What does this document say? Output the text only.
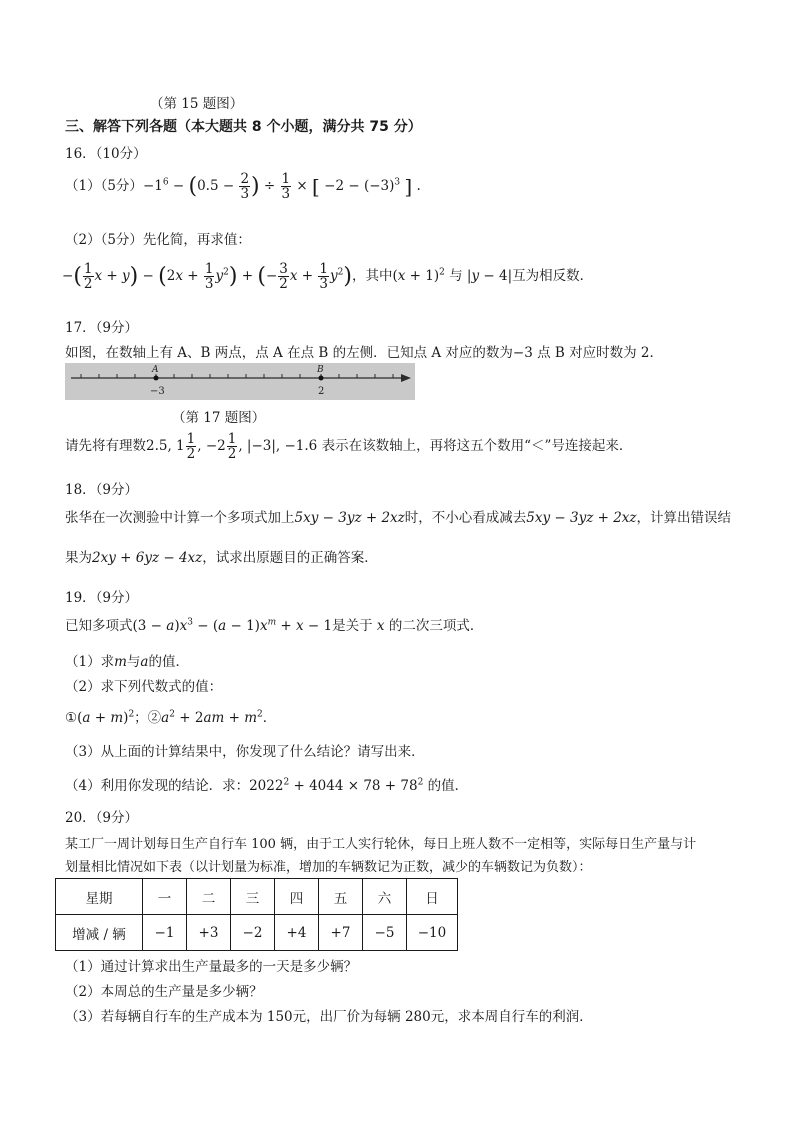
（第 15 题图）
三、解答下列各题（本大题共 8 个小题，满分共 75 分）
16．（10分）
（1）（5分）$-1^6 - (0.5 - \frac{2}{3}$ ) ÷ $\frac{1}{3}$ × [ $-2 - (-3)^3$ ] .
（2）（5分）先化简，再求值：
−( $\frac{1}{2}$ $x + y) - (2x + \frac{1}{3} y^2)$ + (− $\frac{3}{2}$ $x + \frac{1}{3} y^2$)，其中$(x + 1)^2$ 与 |y − 4|互为相反数．
17．（9分）
如图，在数轴上有 A、B 两点，点 A 在点 B 的左侧．已知点 A 对应的数为−3 点 B 对应时数为 2．
A	B
−3	2
（第 17 题图）
请先将有理数2.5, $1 \frac{1}{2}$ , $-2 \frac{1}{2}$ , |−3|, −1.6 表示在该数轴上，再将这五个数用“＜”号连接起来．
18．（9分）
张华在一次测验中计算一个多项式加上5xy − 3yz + 2xz时，不小心看成减去5xy − 3yz + 2xz，计算出错误结
果为2xy + 6yz − 4xz，试求出原题目的正确答案．
19．（9分）
已知多项式$(3 - a)x^3 - (a - 1)x^m + x - 1$是关于 x 的二次三项式．
（1）求m与a的值．
（2）求下列代数式的值：
①(a + m)$^2$；$②a^2 + 2am + m^2$．
（3）从上面的计算结果中，你发现了什么结论？请写出来．
（4）利用你发现的结论．求：$2022^2 + 4044 \times 78 + 78^2$ 的值．
20．（9分）
某工厂一周计划每日生产自行车 100 辆，由于工人实行轮休，每日上班人数不一定相等，实际每日生产量与计
划量相比情况如下表（以计划量为标准，增加的车辆数记为正数，减少的车辆数记为负数）：
星期	一	二	三	四	五	六	日
增减 / 辆	−1	+3	−2	+4	+7	−5	−10
（1）通过计算求出生产量最多的一天是多少辆？
（2）本周总的生产量是多少辆？
（3）若每辆自行车的生产成本为 150元，出厂价为每辆 280元，求本周自行车的利润．
